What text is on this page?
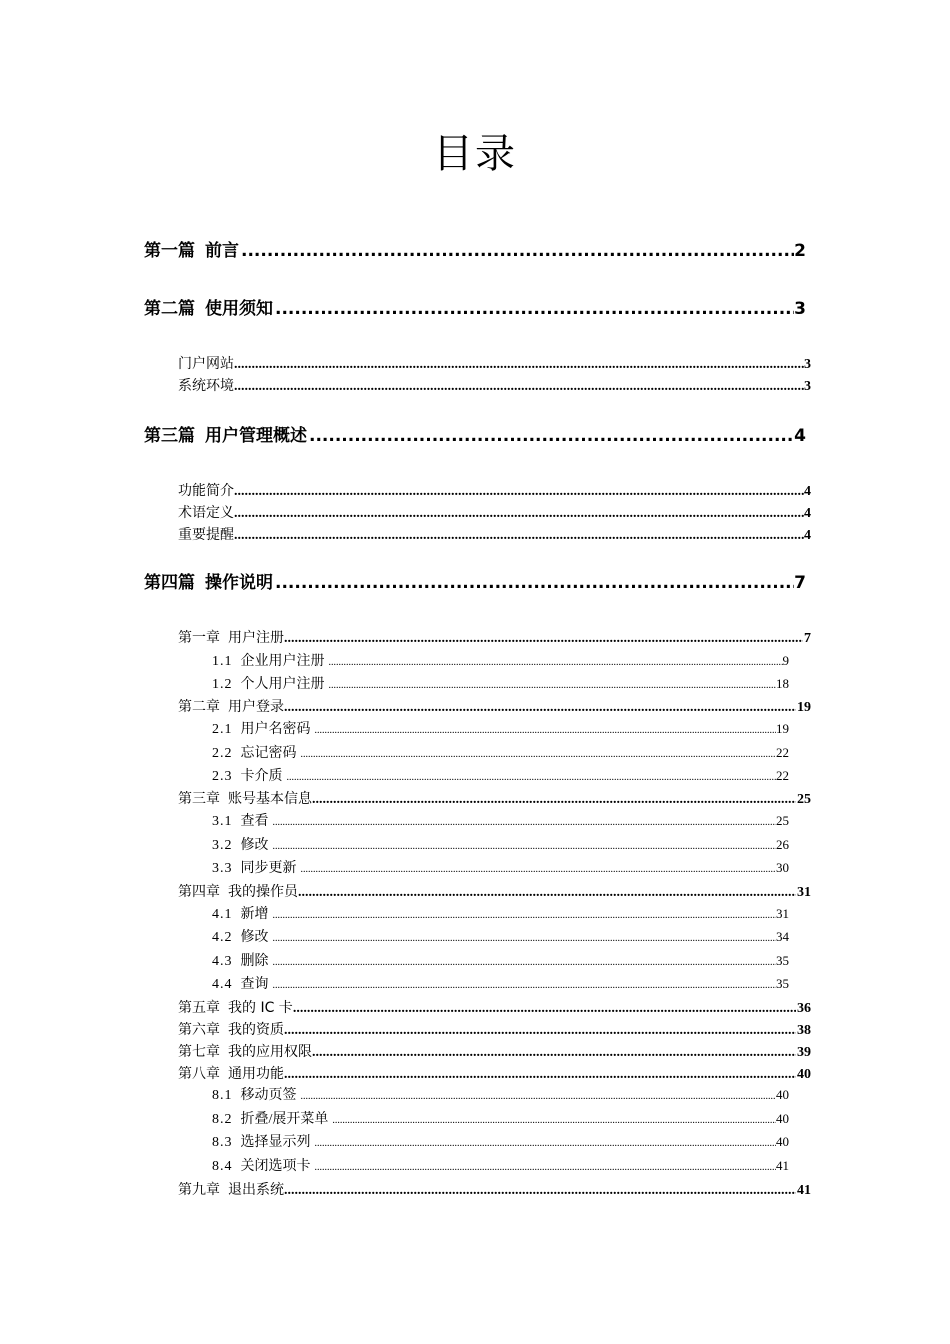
目录
第一篇 前言 .....	2
第二篇 使用须知 .....	3
门户网站 .....	3
系统环境 .....	3
第三篇 用户管理概述 .....	4
功能简介 .....	4
术语定义 .....	4
重要提醒 .....	4
第四篇 操作说明 .....	7
第一章 用户注册 .....	7
1.1 企业用户注册 .....	9
1.2 个人用户注册 .....	18
第二章 用户登录 .....	19
2.1 用户名密码 .....	19
2.2 忘记密码 .....	22
2.3 卡介质 .....	22
第三章 账号基本信息 .....	25
3.1 查看 .....	25
3.2 修改 .....	26
3.3 同步更新 .....	30
第四章 我的操作员 .....	31
4.1 新增 .....	31
4.2 修改 .....	34
4.3 删除 .....	35
4.4 查询 .....	35
第五章 我的 IC 卡 .....	36
第六章 我的资质 .....	38
第七章 我的应用权限 .....	39
第八章 通用功能 .....	40
8.1 移动页签 .....	40
8.2 折叠/展开菜单 .....	40
8.3 选择显示列 .....	40
8.4 关闭选项卡 .....	41
第九章 退出系统 .....	41
